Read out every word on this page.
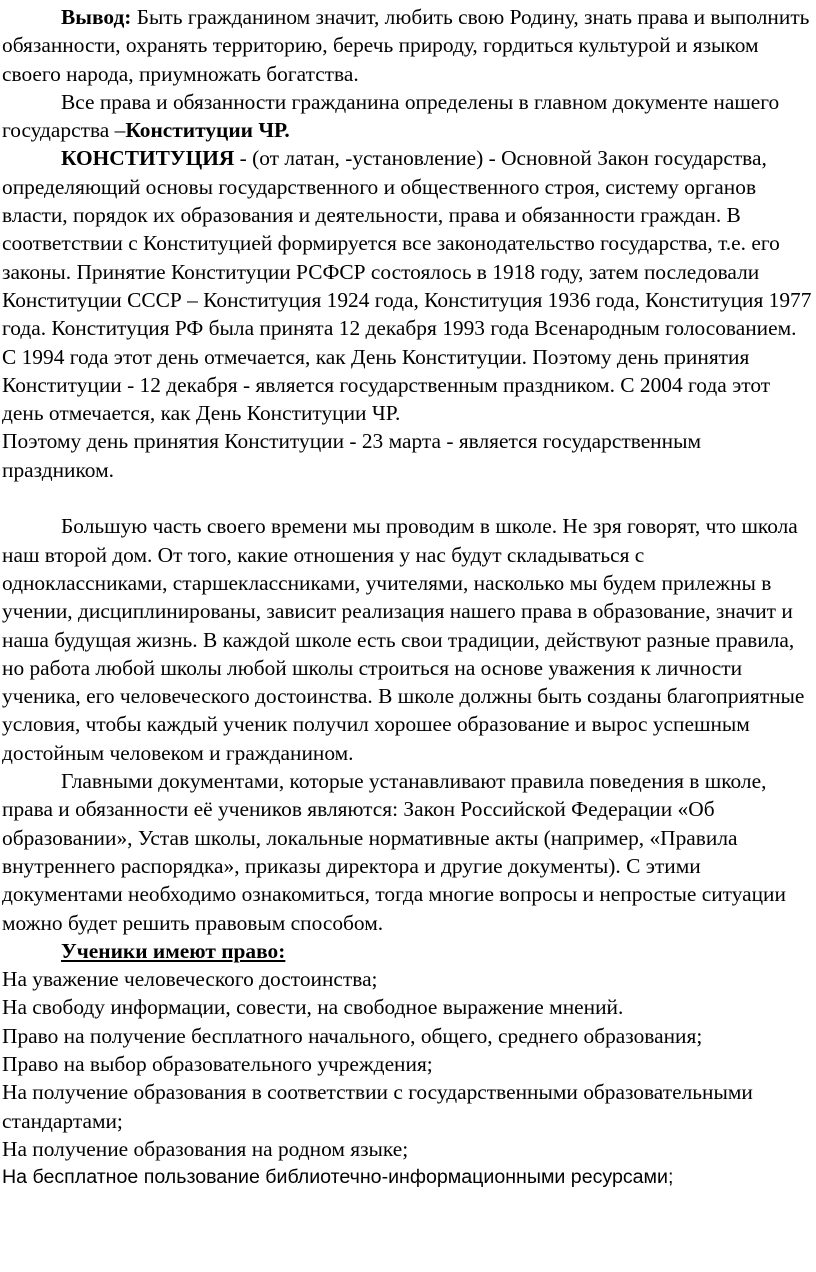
Вывод: Быть гражданином значит, любить свою Родину, знать права и выполнить обязанности, охранять территорию, беречь природу, гордиться культурой и языком своего народа, приумножать богатства.

Все права и обязанности гражданина определены в главном документе нашего государства –Конституции ЧР.

КОНСТИТУЦИЯ - (от латан, -установление) - Основной Закон государства, определяющий основы государственного и общественного строя, систему органов власти, порядок их образования и деятельности, права и обязанности граждан. В соответствии с Конституцией формируется все законодательство государства, т.е. его законы. Принятие Конституции РСФСР состоялось в 1918 году, затем последовали Конституции СССР – Конституция 1924 года, Конституция 1936 года, Конституция 1977 года. Конституция РФ была принята 12 декабря 1993 года Всенародным голосованием. С 1994 года этот день отмечается, как День Конституции. Поэтому день принятия Конституции - 12 декабря - является государственным праздником. С 2004 года этот день отмечается, как День Конституции ЧР.

Поэтому день принятия Конституции - 23 марта - является государственным праздником.

Большую часть своего времени мы проводим в школе. Не зря говорят, что школа наш второй дом. От того, какие отношения у нас будут складываться с одноклассниками, старшеклассниками, учителями, насколько мы будем прилежны в учении, дисциплинированы, зависит реализация нашего права в образование, значит и наша будущая жизнь. В каждой школе есть свои традиции, действуют разные правила, но работа любой школы любой школы строиться на основе уважения к личности ученика, его человеческого достоинства. В школе должны быть созданы благоприятные условия, чтобы каждый ученик получил хорошее образование и вырос успешным достойным человеком и гражданином.

Главными документами, которые устанавливают правила поведения в школе, права и обязанности её учеников являются: Закон Российской Федерации «Об образовании», Устав школы, локальные нормативные акты (например, «Правила внутреннего распорядка», приказы директора и другие документы). С этими документами необходимо ознакомиться, тогда многие вопросы и непростые ситуации можно будет решить правовым способом.

Ученики имеют право:

На уважение человеческого достоинства;

На свободу информации, совести, на свободное выражение мнений.

Право на получение бесплатного начального, общего, среднего образования;

Право на выбор образовательного учреждения;

На получение образования в соответствии с государственными образовательными стандартами;

На получение образования на родном языке;

На бесплатное пользование библиотечно-информационными ресурсами;
